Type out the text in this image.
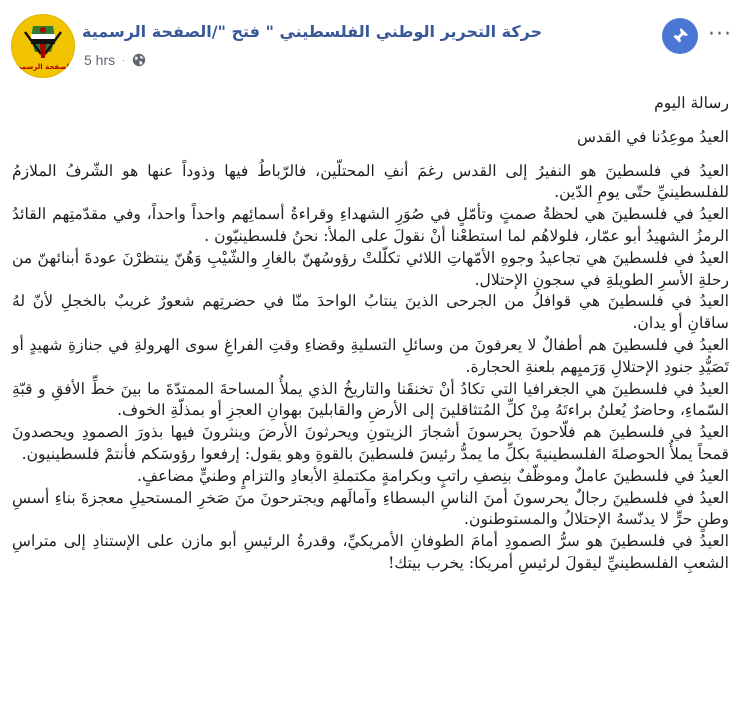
الصفحة الرسمية
حركة التحرير الوطني الفلسطيني " فتح "/الصفحة الرسمية
5 hrs ·
···

رسالة اليوم

العيدُ موعِدُنا في القدس

العيدُ في فلسطينَ هو النفيرُ إلى القدس رغمَ أنفِ المحتلّين، فالرّباطُ فيها وذوداً عنها هو الشّرفُ الملازمُ للفلسطينيِّ حتّى يومِ الدّين.

العيدُ في فلسطينَ هي لحظةُ صمتٍ وتأمّلٍ في صُوَرِ الشهداءِ وقراءةُ أسمائِهم واحداً واحداً، وفي مقدّمتِهم القائدُ الرمزُ الشهيدُ أبو عمّار، فلولاهُم لما استطعْنا أنْ نقولَ على الملأ: نحنُ فلسطينيّون .

العيدُ في فلسطينَ هي تجاعيدُ وجوهِ الأمّهاتِ اللائي تكلّلتْ رؤوسُهنّ بالغارِ والشّيْبِ وَهُنّ ينتظرْنَ عودةَ أبنائهنّ من رحلةِ الأسرِ الطويلةِ في سجونِ الإحتلال.

العيدُ في فلسطينَ هي قوافلُ من الجرحى الذينَ ينتابُ الواحدَ منّا في حضرتِهم شعورٌ غريبٌ بالخجلِ لأنّ لهُ ساقانِ أو يدان.

العيدُ في فلسطينَ هم أطفالٌ لا يعرفونَ من وسائلِ التسليةِ وقضاءِ وقتِ الفراغِ سوى الهرولةِ في جنازةِ شهيدٍ أو تَصَيُّدِ جنودِ الإحتلالِ وَرَميِهم بلعنةِ الحجارة.

العيدُ في فلسطينَ هي الجغرافيا التي تكادُ أنْ تخنقَنا والتاريخُ الذي يملأُ المساحةَ الممتدّةَ ما بينَ خطِّ الأفقِ و قبّةِ السّماءِ، وحاضرٌ يُعلنُ براءتَهُ مِنْ كلِّ المُتثاقلينَ إلى الأرضِ والقابلينَ بهوانِ العجزِ أو بمذلّةِ الخوف.

العيدُ في فلسطينَ هم فلّاحونَ يحرسونَ أشجارَ الزيتونِ ويحرثونَ الأرضَ وينثرونَ فيها بذورَ الصمودِ ويحصدونَ قمحاً يملأُ الحوصلةَ الفلسطينيةَ بكلِّ ما يمدُّ رئيسَ فلسطينَ بالقوةِ وهو يقول: إرفعوا رؤوسَكم فأنتمْ فلسطينيون.

العيدُ في فلسطينَ عاملٌ وموظّفٌ بنِصفِ راتبٍ وبكرامةٍ مكتملةِ الأبعادِ والتزامٍ وطنيٍّ مضاعفٍ.

العيدُ في فلسطينَ رجالٌ يحرسونَ أمنَ الناسِ البسطاءِ وآمالَهم ويجترحونَ منَ صَخرِ المستحيلِ معجزةَ بناءِ أسسِ وطنٍ حرٍّ لا يدنّسهُ الإحتلالُ والمستوطنون.

العيدُ في فلسطينَ هو سرُّ الصمودِ أمامَ الطوفانِ الأمريكيِّ، وقدرةُ الرئيسِ أبو مازن على الإستنادِ إلى متراسِ الشعبِ الفلسطينيِّ ليقولَ لرئيسِ أمريكا: يخرب بيتك!
